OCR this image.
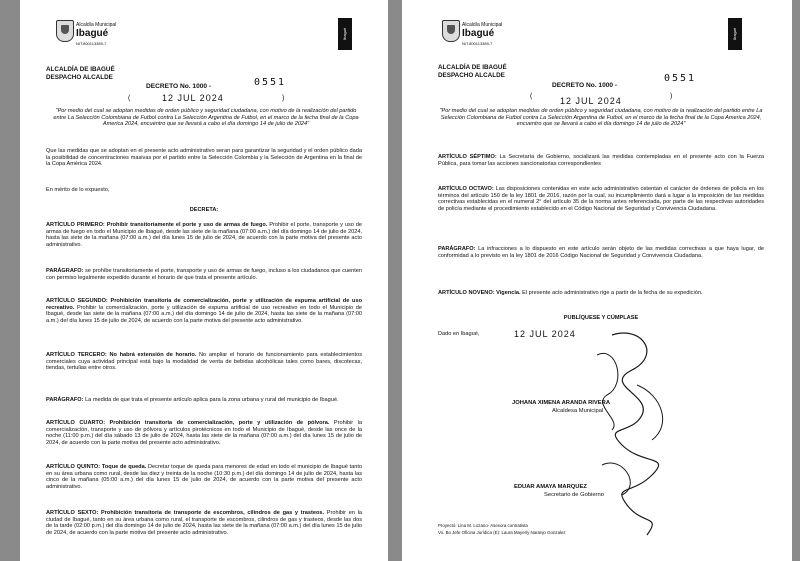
Alcaldía Municipal
Ibagué
NIT.800113389-7
Ibagué
ALCALDÍA DE IBAGUÉ
DESPACHO ALCALDE
DECRETO No. 1000 -	0551
(	12 JUL 2024	)
"Por medio del cual se adoptan medidas de orden público y seguridad ciudadana, con motivo de la realización del partido entre La Selección Colombiana de Futbol contra La Selección Argentina de Futbol, en el marco de la fecha final de la Copa America 2024, encuentro que se llevará a cabo el día domingo 14 de julio de 2024"
Que las medidas que se adoptan en el presente acto administrativo seran para garantizar la seguridad y el orden público dada la posibilidad de concentraciones masivas por el partido entre la Selección Colombia y la Selección de Argentina en la final de la Copa América 2024.
En mérito de lo expuesto,
DECRETA:
ARTÍCULO PRIMERO: Prohibir transitoriamente el porte y uso de armas de fuego. Prohibir el porte, transporte y uso de armas de fuego en todo el Municipio de Ibagué, desde las siete de la mañana (07:00 a.m.) del día domingo 14 de julio de 2024, hasta las siete de la mañana (07:00 a.m.) del día lunes 15 de julio de 2024, de acuerdo con la parte motiva del presente acto administrativo.
PARÁGRAFO: se prohíbe transitoriamente el porte, transporte y uso de armas de fuego, incluso a los ciudadanos que cuenten con permiso legalmente expedido durante el horario de que trata el presente artículo.
ARTÍCULO SEGUNDO: Prohibición transitoria de comercialización, porte y utilización de espuma artificial de uso recreativo. Prohibir la comercialización, porte y utilización de espuma artificial de uso recreativo en todo el Municipio de Ibagué, desde las siete de la mañana (07:00 a.m.) del día domingo 14 de julio de 2024, hasta las siete de la mañana (07:00 a.m.) del día lunes 15 de julio de 2024, de acuerdo con la parte motiva del presente acto administrativo.
ARTÍCULO TERCERO: No habrá extensión de horario. No ampliar el horario de funcionamiento para establecimientos comerciales cuya actividad principal está bajo la modalidad de venta de bebidas alcohólicas tales como bares, discotecas, tiendas, tertulias entre otros.
PARÁGRAFO: La medida de que trata el presente artículo aplica para la zona urbana y rural del municipio de Ibagué.
ARTÍCULO CUARTO: Prohibición transitoria de comercialización, porte y utilización de pólvora. Prohibir la comercialización, transporte y uso de pólvora y artículos pirotécnicos en todo el Municipio de Ibagué, desde las once de la noche (11:00 p.m.) del día sábado 13 de julio de 2024, hasta las siete de la mañana (07:00 a.m.) del día lunes 15 de julio de 2024, de acuerdo con la parte motiva del presente acto administrativo.
ARTÍCULO QUINTO: Toque de queda. Decretar toque de queda para menores de edad en todo el municipio de Ibagué tanto en su área urbana como rural, desde las diez y treinta de la noche (10:30 p.m.) del día domingo 14 de julio de 2024, hasta las cinco de la mañana (05:00 a.m.) del día lunes 15 de julio de 2024, de acuerdo con la parte motiva del presente acto administrativo.
ARTÍCULO SEXTO: Prohibición transitoria de transporte de escombros, cilindros de gas y trasteos. Prohibir en la ciudad de Ibagué, tanto en su área urbana como rural, el transporte de escombros, cilindros de gas y trasteos, desde las dos de la tarde (02:00 p.m.) del día domingo 14 de julio de 2024, hasta las siete de la mañana (07:00 a.m.) del día lunes 15 de julio de 2024, de acuerdo con la parte motiva del presente acto administrativo.
Alcaldía Municipal
Ibagué
NIT.800113389-7
Ibagué
ALCALDÍA DE IBAGUÉ
DESPACHO ALCALDE
DECRETO No. 1000 -
0551
(	12 JUL 2024	)
"Por medio del cual se adoptan medidas de orden público y seguridad ciudadana, con motivo de la realización del partido entre La Selección Colombiana de Futbol contra La Selección Argentina de Futbol, en el marco de la fecha final de la Copa America 2024, encuentro que se llevará a cabo el día domingo 14 de julio de 2024"
ARTÍCULO SÉPTIMO: La Secretaría de Gobierno, socializará las medidas contempladas en el presente acto con la Fuerza Pública, para tomar las acciones sancionatorias correspondientes
ARTÍCULO OCTAVO: Las disposiciones contenidas en este acto administrativo ostentan el carácter de órdenes de policía en los términos del artículo 150 de la ley 1801 de 2016, razón por la cual, su incumplimiento dará a lugar a la imposición de las medidas correctivas establecidas en el numeral 2° del artículo 35 de la norma antes referenciada, por parte de las respectivas autoridades de policía mediante el procedimiento establecido en el Código Nacional de Seguridad y Convivencia Ciudadana.
PARÁGRAFO: La infracciones a lo dispuesto en este artículo serán objeto de las medidas correctivas a que haya lugar, de conformidad a lo previsto en la ley 1801 de 2016 Código Nacional de Seguridad y Convivencia Ciudadana.
ARTÍCULO NOVENO: Vigencia. El presente acto administrativo rige a partir de la fecha de su expedición.
PUBLÍQUESE Y CÚMPLASE
Dado en Ibagué,	12 JUL 2024
JOHANA XIMENA ARANDA RIVERA
Alcaldesa Municipal
EDUAR AMAYA MARQUEZ
Secretario de Gobierno
Proyectó: Lina M. Lozano- Asesora contratista
Vo. Bo Jefe Oficina Jurídica (E): Laura Mayerly Naranjo Gonzalez
